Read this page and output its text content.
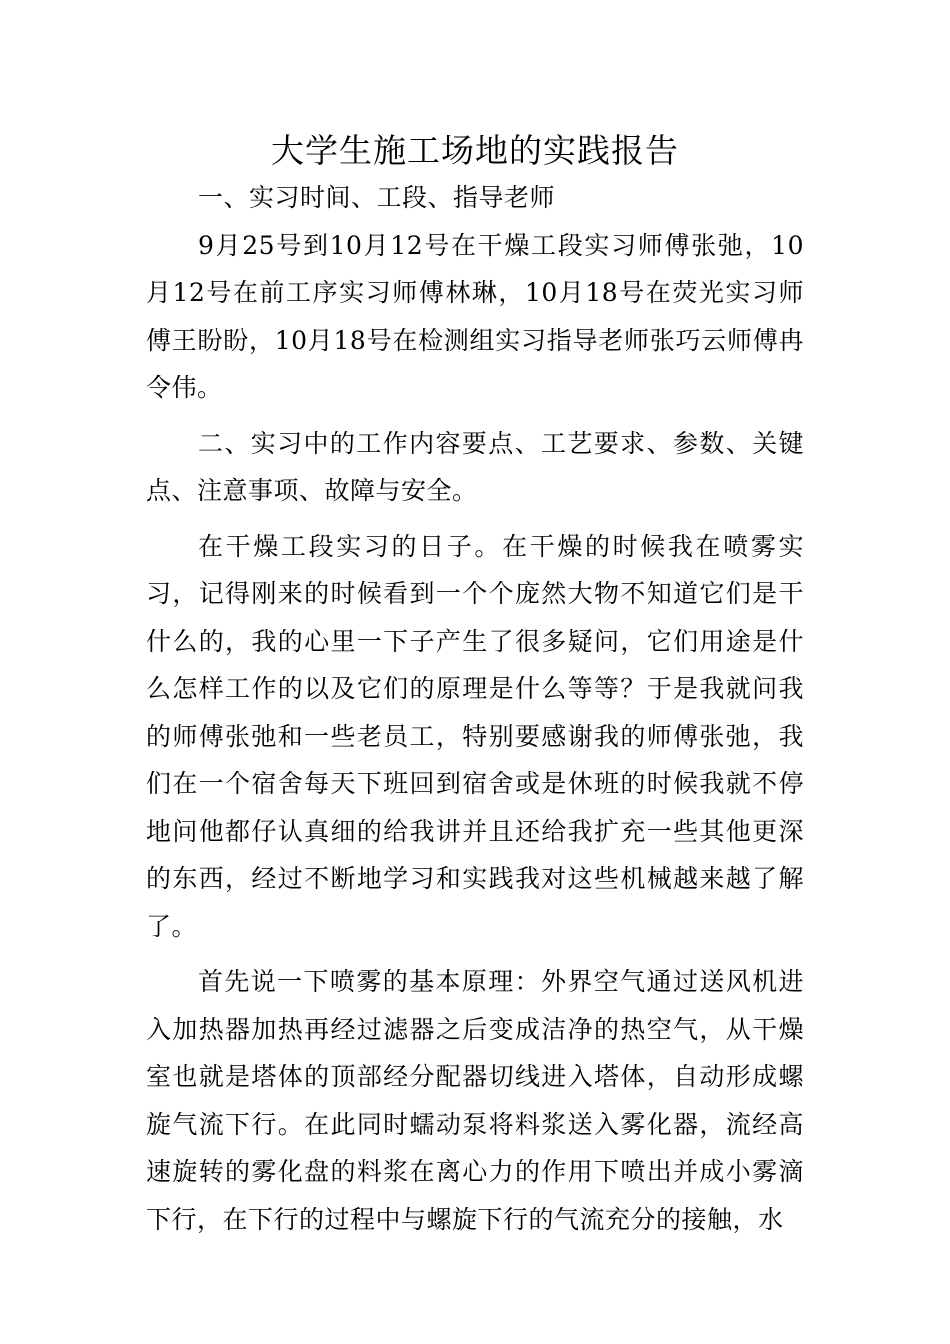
大学生施工场地的实践报告

一、实习时间、工段、指导老师

9月25号到10月12号在干燥工段实习师傅张弛，10月12号在前工序实习师傅林琳，10月18号在荧光实习师傅王盼盼，10月18号在检测组实习指导老师张巧云师傅冉令伟。

二、实习中的工作内容要点、工艺要求、参数、关键点、注意事项、故障与安全。

在干燥工段实习的日子。在干燥的时候我在喷雾实习，记得刚来的时候看到一个个庞然大物不知道它们是干什么的，我的心里一下子产生了很多疑问，它们用途是什么怎样工作的以及它们的原理是什么等等？于是我就问我的师傅张弛和一些老员工，特别要感谢我的师傅张弛，我们在一个宿舍每天下班回到宿舍或是休班的时候我就不停地问他都仔认真细的给我讲并且还给我扩充一些其他更深的东西，经过不断地学习和实践我对这些机械越来越了解了。

首先说一下喷雾的基本原理：外界空气通过送风机进入加热器加热再经过滤器之后变成洁净的热空气，从干燥室也就是塔体的顶部经分配器切线进入塔体，自动形成螺旋气流下行。在此同时蠕动泵将料浆送入雾化器，流经高速旋转的雾化盘的料浆在离心力的作用下喷出并成小雾滴下行，在下行的过程中与螺旋下行的气流充分的接触，水
